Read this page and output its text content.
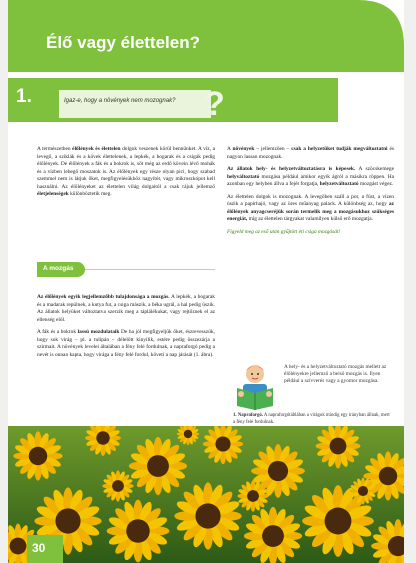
Élő vagy élettelen?
1.	Igaz-e, hogy a növények nem mozognak? ?

A természetben élőlények és élettelen dolgok veszenek körül bennünket. A víz, a levegő, a sziklák és a kövek élettelenek, a lepkék, a bogarak és a csigák pedig élőlények. De élőlények a fák és a bokrok is, sőt még az erdő kövein lévő mohák és a vízben lebegő moszatok is. Az élőlények egy része olyan pici, hogy szabad szemmel nem is látjuk őket, megfigyelésükhöz nagyítót, vagy mikroszkópot kell használni. Az élőlényeket az élettelen világ dolgaitól a csak rájuk jellemző életjelenségek különböztetik meg.

A mozgás

Az élőlények egyik legjellemzőbb tulajdonsága a mozgás. A lepkék, a bogarak és a madarak repülnek, a kutya fut, a csiga mászik, a béka ugrál, a hal pedig úszik. Az állatok helyüket változtatva szerzik meg a táplálékukat, vagy rejtőznek el az ellenség elől.

A fák és a bokrok lassú mozdulataik De ha jól megfigyeljük őket, észrevesszük, hogy sok virág – pl. a tulipán – délelőtt kinyílik, estére pedig összezárja a szirmait. A növények levelei általában a fény felé fordulnak, a napraforgó pedig a nevét is onnan kapta, hogy virága a fény felé fordul, követi a nap járását (1. ábra).

A növények – jellemzően – csak a helyzetüket tudják megváltoztatni és nagyon lassan mozognak.

Az állatok hely- és helyzetváltoztatásra is képesek. A szöcskemege helyváltoztató mozgása például amikor egyik ágról a másikra röppen. Ha azonban egy helyben állva a fejét forgatja, helyzetváltoztató mozgást végez.

Az élettelen dolgok is mozognak. A levegőben száll a por, a füst, a vízen úszik a papírhajó, vagy az üres műanyag palack. A különbség az, hogy az élőlények anyagcseréjük során termelik meg a mozgásukhoz szükséges energiát, míg az élettelen tárgyakat valamilyen külső erő mozgatja.

Figyeld meg az eső után gyűjtött éti csiga mozgását!

A hely- és a helyzetváltoztató mozgás mellett az élőlényekre jellemző a belső mozgás is. Ilyen például a szívverés vagy a gyomor mozgása.
1. Napraforgó. A napraforgótáblában a virágok mindig egy irányban állnak, mert a fény felé fordulnak.
30
